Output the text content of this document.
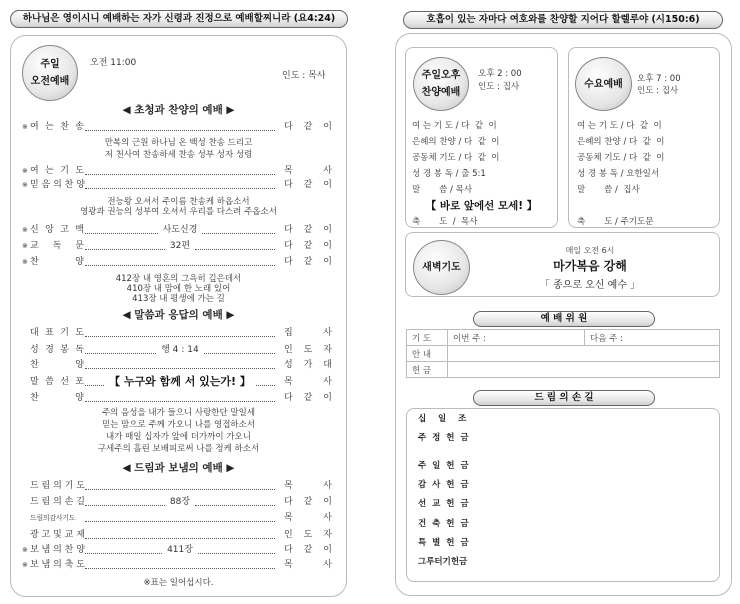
하나님은 영이시니 예배하는 자가 신령과 진정으로 예배할찌니라 (요4:24)
주일
오전예배
오전 11:00
인도 : 목사
◀ 초청과 찬양의 예배 ▶
※ 여 는 찬 송	다 같 이
만복의 근원 하나님 온 백성 찬송 드리고
저 천사여 찬송하세 찬송 성부 성자 성령
※ 여 는 기 도	목 사
※ 믿 음 의 찬 양	다 같 이
전능왕 오셔서 주이름 찬송케 하옵소서
영광과 권능의 성부여 오셔서 우리를 다스려 주옵소서
※ 신 앙 고 백	사도신경	다 같 이
※ 교 독 문	32편	다 같 이
※ 찬 양	다 같 이
412장 내 영혼의 그윽히 깊은데서
410장 내 맘에 한 노래 있어
413장 내 평생에 가는 길
◀ 말씀과 응답의 예배 ▶
대 표 기 도	집 사
성 경 봉 독	행 4 : 14	인 도 자
찬 양	성 가 대
말 씀 선 포	【 누구와 함께 서 있는가! 】	목 사
찬 양	다 같 이
주의 음성을 내가 들으니 사랑한단 말일세
믿는 맘으로 주께 가오니 나를 영접하소서
내가 매일 십자가 앞에 더가까이 가오니
구세주의 흘린 보배피로써 나를 정케 하소서
◀ 드림과 보냄의 예배 ▶
드 림 의 기 도	목 사
드 림 의 손 길	88장	다 같 이
드림의감사기도	목 사
광 고 및 교 제	인 도 자
※ 보 냄 의 찬 양	411장	다 같 이
※ 보 냄 의 축 도	목 사
※표는 일어섭시다.
호흡이 있는 자마다 여호와를 찬양할 지어다 할렐루야 (시150:6)
주일오후
찬양예배
오후 2 : 00
인도 : 집사
여 는 기 도 / 다  같  이
은혜의 찬양 / 다  같  이
공동체 기도 / 다  같  이
성 경 봉 독 / 출 5:1
말       씀 / 목사
【 바로 앞에선 모세! 】
축       도  /  목사
수요예배 오후 7 : 00
인도 : 집사
여 는 기 도 / 다  같  이
은혜의 찬양 / 다  같  이
공동체 기도 / 다  같  이
성 경 봉 독 / 요한일서
말       씀 /  집사
축       도 / 주기도문
새벽기도
매일 오전 6시
마가복음 강해
「 종으로 오신 예수 」
예 배 위 원
기 도	이번 주 :	다음 주 :
안 내		
헌 금		
드 림 의 손 길
십    일    조
주  정  헌  금
주  일  헌  금
감  사  헌  금
선  교  헌  금
건  축  헌  금
특  별  헌  금
그루터기헌금
